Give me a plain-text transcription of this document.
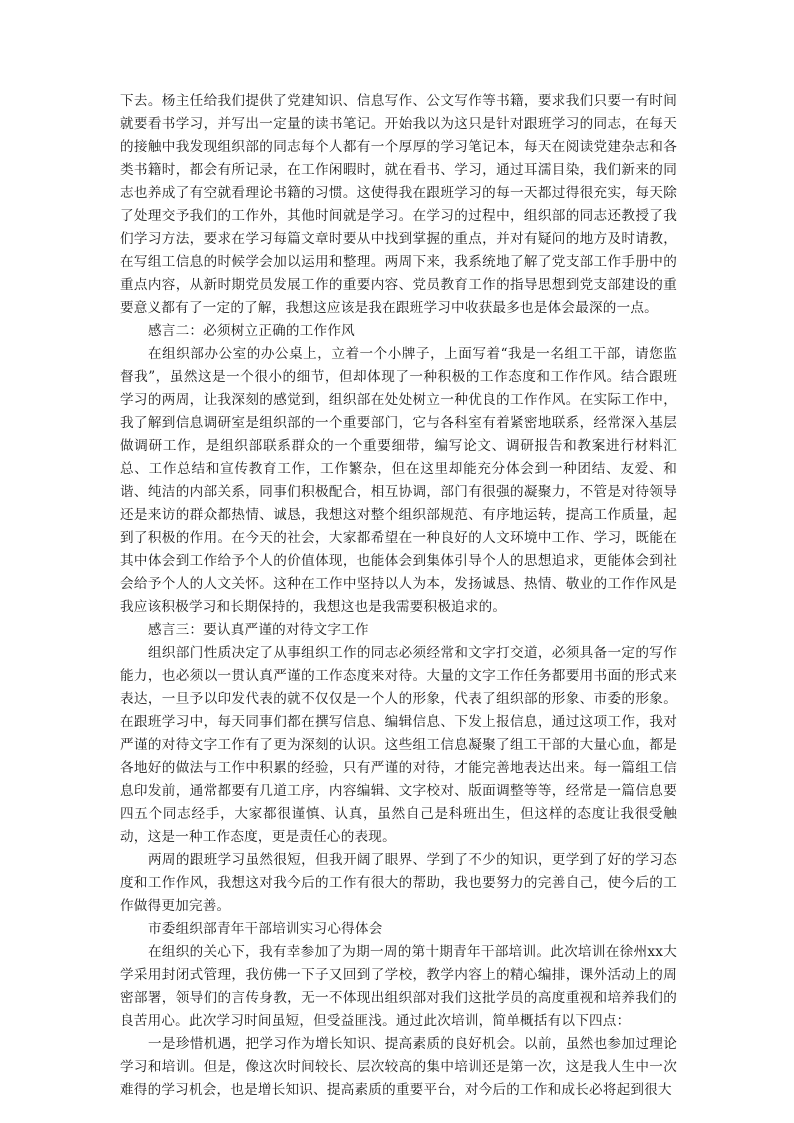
下去。杨主任给我们提供了党建知识、信息写作、公文写作等书籍，要求我们只要一有时间就要看书学习，并写出一定量的读书笔记。开始我以为这只是针对跟班学习的同志，在每天的接触中我发现组织部的同志每个人都有一个厚厚的学习笔记本，每天在阅读党建杂志和各类书籍时，都会有所记录，在工作闲暇时，就在看书、学习，通过耳濡目染，我们新来的同志也养成了有空就看理论书籍的习惯。这使得我在跟班学习的每一天都过得很充实，每天除了处理交予我们的工作外，其他时间就是学习。在学习的过程中，组织部的同志还教授了我们学习方法，要求在学习每篇文章时要从中找到掌握的重点，并对有疑问的地方及时请教，在写组工信息的时候学会加以运用和整理。两周下来，我系统地了解了党支部工作手册中的重点内容，从新时期党员发展工作的重要内容、党员教育工作的指导思想到党支部建设的重要意义都有了一定的了解，我想这应该是我在跟班学习中收获最多也是体会最深的一点。

感言二：必须树立正确的工作作风

在组织部办公室的办公桌上，立着一个小牌子，上面写着“我是一名组工干部，请您监督我”，虽然这是一个很小的细节，但却体现了一种积极的工作态度和工作作风。结合跟班学习的两周，让我深刻的感觉到，组织部在处处树立一种优良的工作作风。在实际工作中，我了解到信息调研室是组织部的一个重要部门，它与各科室有着紧密地联系，经常深入基层做调研工作，是组织部联系群众的一个重要细带，编写论文、调研报告和教案进行材料汇总、工作总结和宣传教育工作，工作繁杂，但在这里却能充分体会到一种团结、友爱、和谐、纯洁的内部关系，同事们积极配合，相互协调，部门有很强的凝聚力，不管是对待领导还是来访的群众都热情、诚恳，我想这对整个组织部规范、有序地运转，提高工作质量，起到了积极的作用。在今天的社会，大家都希望在一种良好的人文环境中工作、学习，既能在其中体会到工作给予个人的价值体现，也能体会到集体引导个人的思想追求，更能体会到社会给予个人的人文关怀。这种在工作中坚持以人为本，发扬诚恳、热情、敬业的工作作风是我应该积极学习和长期保持的，我想这也是我需要积极追求的。

感言三：要认真严谨的对待文字工作

组织部门性质决定了从事组织工作的同志必须经常和文字打交道，必须具备一定的写作能力，也必须以一贯认真严谨的工作态度来对待。大量的文字工作任务都要用书面的形式来表达，一旦予以印发代表的就不仅仅是一个人的形象，代表了组织部的形象、市委的形象。在跟班学习中，每天同事们都在撰写信息、编辑信息、下发上报信息，通过这项工作，我对严谨的对待文字工作有了更为深刻的认识。这些组工信息凝聚了组工干部的大量心血，都是各地好的做法与工作中积累的经验，只有严谨的对待，才能完善地表达出来。每一篇组工信息印发前，通常都要有几道工序，内容编辑、文字校对、版面调整等等，经常是一篇信息要四五个同志经手，大家都很谨慎、认真，虽然自己是科班出生，但这样的态度让我很受触动，这是一种工作态度，更是责任心的表现。

两周的跟班学习虽然很短，但我开阔了眼界、学到了不少的知识，更学到了好的学习态度和工作作风，我想这对我今后的工作有很大的帮助，我也要努力的完善自己，使今后的工作做得更加完善。

市委组织部青年干部培训实习心得体会

在组织的关心下，我有幸参加了为期一周的第十期青年干部培训。此次培训在徐州xx大学采用封闭式管理，我仿佛一下子又回到了学校，教学内容上的精心编排，课外活动上的周密部署，领导们的言传身教，无一不体现出组织部对我们这批学员的高度重视和培养我们的良苦用心。此次学习时间虽短，但受益匪浅。通过此次培训，简单概括有以下四点：

一是珍惜机遇，把学习作为增长知识、提高素质的良好机会。以前，虽然也参加过理论学习和培训。但是，像这次时间较长、层次较高的集中培训还是第一次，这是我人生中一次难得的学习机会，也是增长知识、提高素质的重要平台，对今后的工作和成长必将起到很大
